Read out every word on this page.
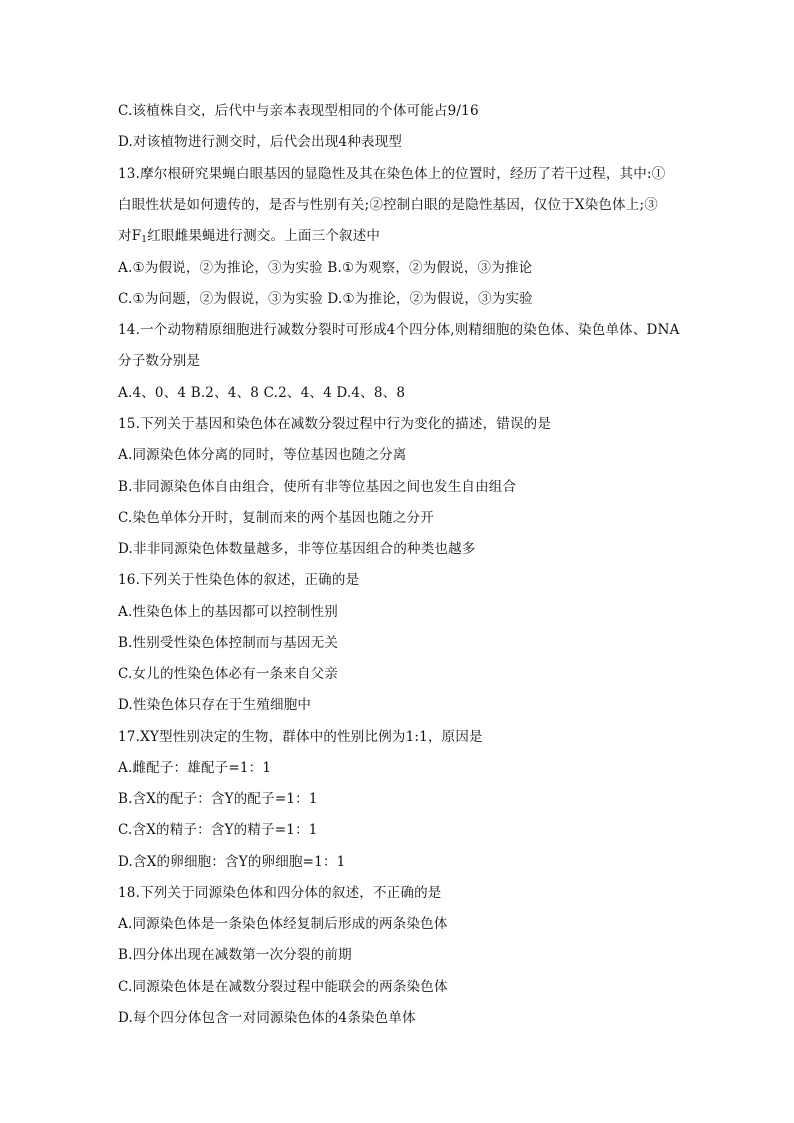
C.该植株自交，后代中与亲本表现型相同的个体可能占9/16
D.对该植物进行测交时，后代会出现4种表现型
13.摩尔根研究果蝇白眼基因的显隐性及其在染色体上的位置时，经历了若干过程，其中:①
白眼性状是如何遗传的，是否与性别有关;②控制白眼的是隐性基因，仅位于X染色体上;③
对$F_1$红眼雌果蝇进行测交。上面三个叙述中
A.①为假说，②为推论，③为实验 B.①为观察，②为假说，③为推论
C.①为问题，②为假说，③为实验 D.①为推论，②为假说，③为实验
14.一个动物精原细胞进行减数分裂时可形成4个四分体,则精细胞的染色体、染色单体、DNA
分子数分别是
A.4、0、4 B.2、4、8 C.2、4、4 D.4、8、8
15.下列关于基因和染色体在减数分裂过程中行为变化的描述，错误的是
A.同源染色体分离的同时，等位基因也随之分离
B.非同源染色体自由组合，使所有非等位基因之间也发生自由组合
C.染色单体分开时，复制而来的两个基因也随之分开
D.非非同源染色体数量越多，非等位基因组合的种类也越多
16.下列关于性染色体的叙述，正确的是
A.性染色体上的基因都可以控制性别
B.性别受性染色体控制而与基因无关
C.女儿的性染色体必有一条来自父亲
D.性染色体只存在于生殖细胞中
17.XY型性别决定的生物，群体中的性别比例为1:1，原因是
A.雌配子：雄配子=1：1
B.含X的配子：含Y的配子=1：1
C.含X的精子：含Y的精子=1：1
D.含X的卵细胞：含Y的卵细胞=1：1
18.下列关于同源染色体和四分体的叙述，不正确的是
A.同源染色体是一条染色体经复制后形成的两条染色体
B.四分体出现在减数第一次分裂的前期
C.同源染色体是在减数分裂过程中能联会的两条染色体
D.每个四分体包含一对同源染色体的4条染色单体
